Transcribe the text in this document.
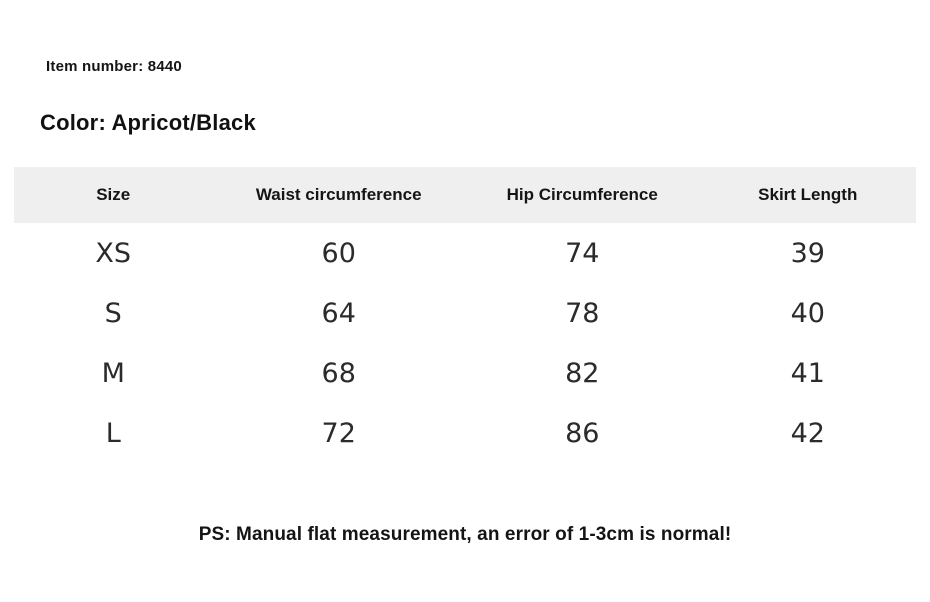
Item number: 8440
Color: Apricot/Black
Size	Waist circumference	Hip Circumference	Skirt Length
XS	60	74	39
S	64	78	40
M	68	82	41
L	72	86	42
PS: Manual flat measurement, an error of 1-3cm is normal!
